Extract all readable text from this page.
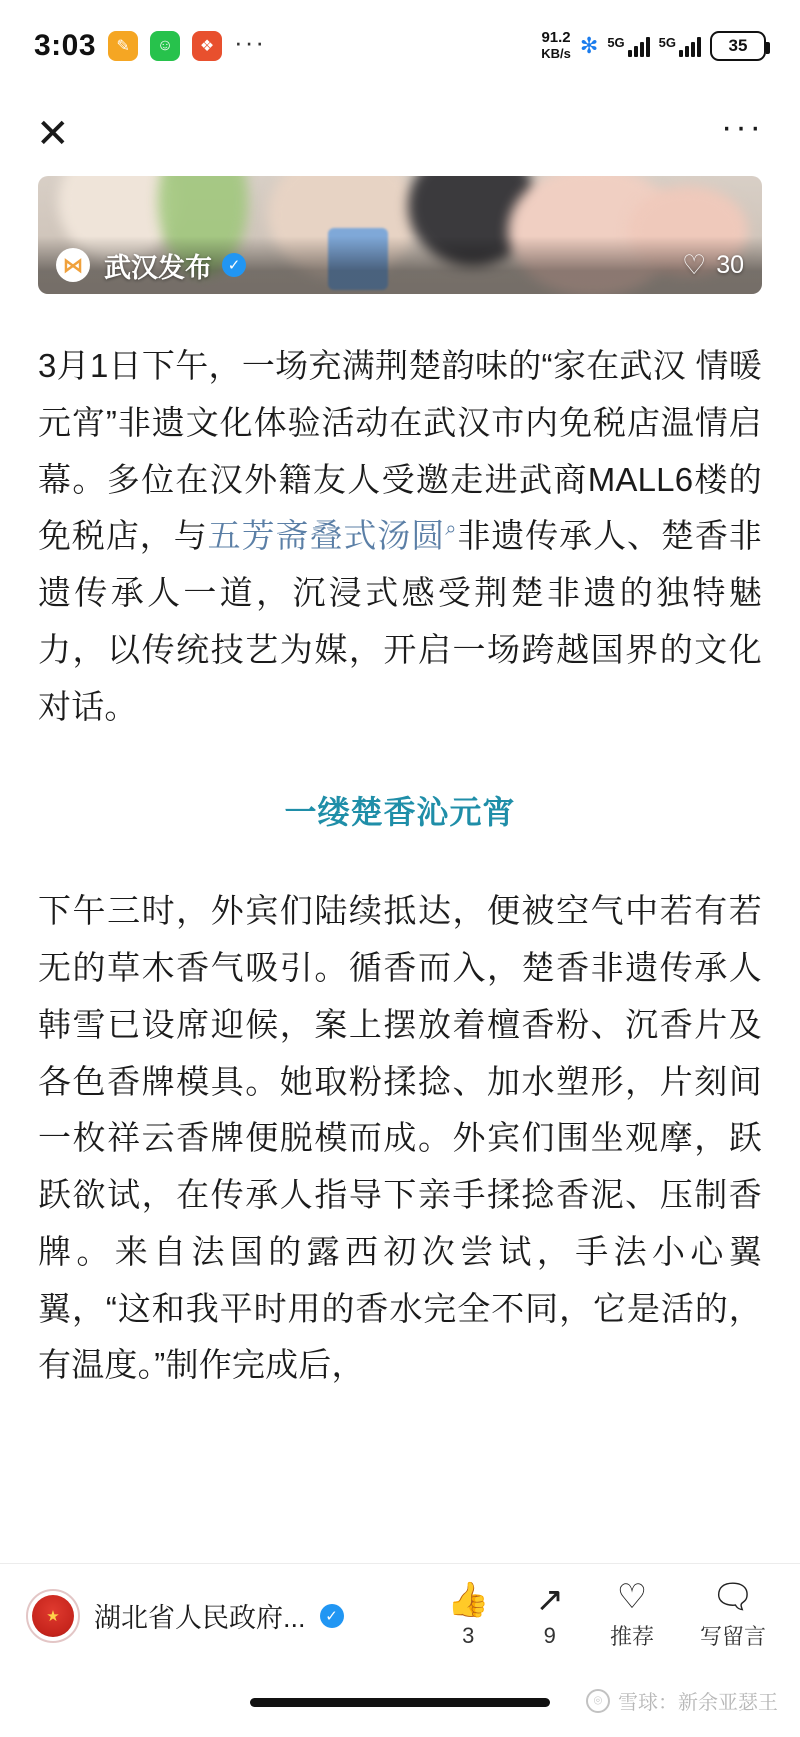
3:03	✎	☺	❖ ···	91.2
KB/s ✻ 5G	5G	35
✕	···
⋈ 武汉发布	✓	♡ 30

3月1日下午，一场充满荆楚韵味的“家在武汉 情暖元宵”非遗文化体验活动在武汉市内免税店温情启幕。多位在汉外籍友人受邀走进武商MALL6楼的免税店，与五芳斋叠式汤圆⌕非遗传承人、楚香非遗传承人一道，沉浸式感受荆楚非遗的独特魅力，以传统技艺为媒，开启一场跨越国界的文化对话。

一缕楚香沁元宵

下午三时，外宾们陆续抵达，便被空气中若有若无的草木香气吸引。循香而入，楚香非遗传承人韩雪已设席迎候，案上摆放着檀香粉、沉香片及各色香牌模具。她取粉揉捻、加水塑形，片刻间一枚祥云香牌便脱模而成。外宾们围坐观摩，跃跃欲试，在传承人指导下亲手揉捻香泥、压制香牌。来自法国的露西初次尝试，手法小心翼翼，“这和我平时用的香水完全不同，它是活的，有温度。”制作完成后，

★	湖北省人民政府...	✓	👍
3
↗
9
♡
推荐
🗨
写留言
⌾ 雪球：新余亚瑟王
